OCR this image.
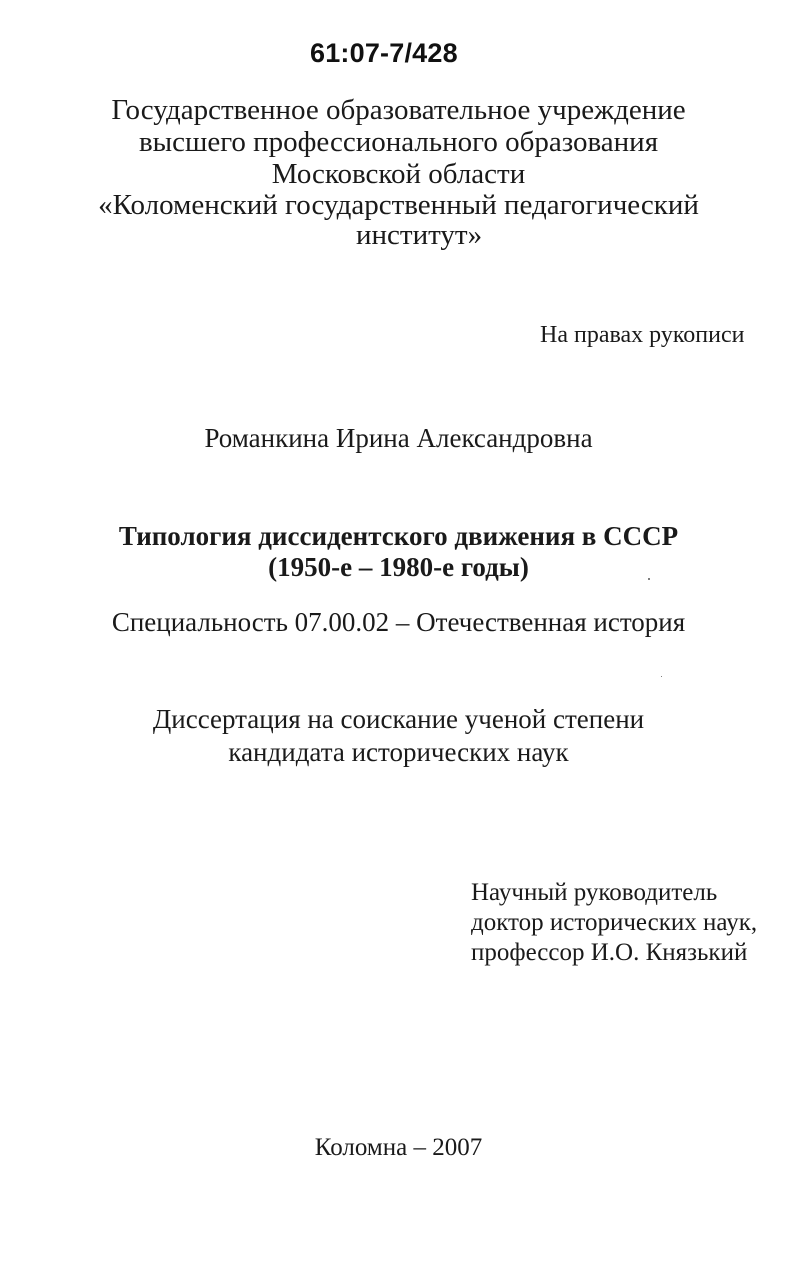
61:07-7/428
Государственное образовательное учреждение
высшего профессионального образования
Московской области
«Коломенский государственный педагогический
институт»
На правах рукописи
Романкина Ирина Александровна
Типология диссидентского движения в СССР
(1950-е – 1980-е годы)
Специальность 07.00.02 – Отечественная история
Диссертация на соискание ученой степени
кандидата исторических наук
Научный руководитель
доктор исторических наук,
профессор И.О. Князький
Коломна – 2007
